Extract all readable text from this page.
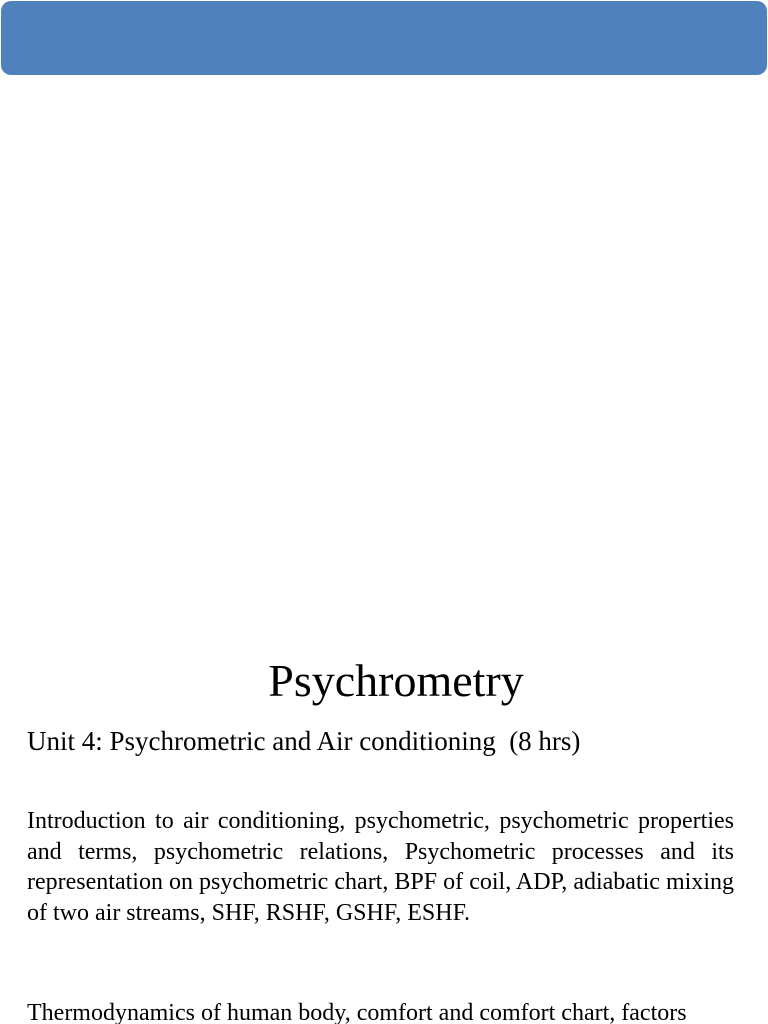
Psychrometry

Unit 4: Psychrometric and Air conditioning  (8 hrs)

Introduction to air conditioning, psychometric, psychometric properties and terms, psychometric relations, Psychometric processes and its representation on psychometric chart, BPF of coil, ADP, adiabatic mixing of two air streams, SHF, RSHF, GSHF, ESHF.

Thermodynamics of human body, comfort and comfort chart, factors
